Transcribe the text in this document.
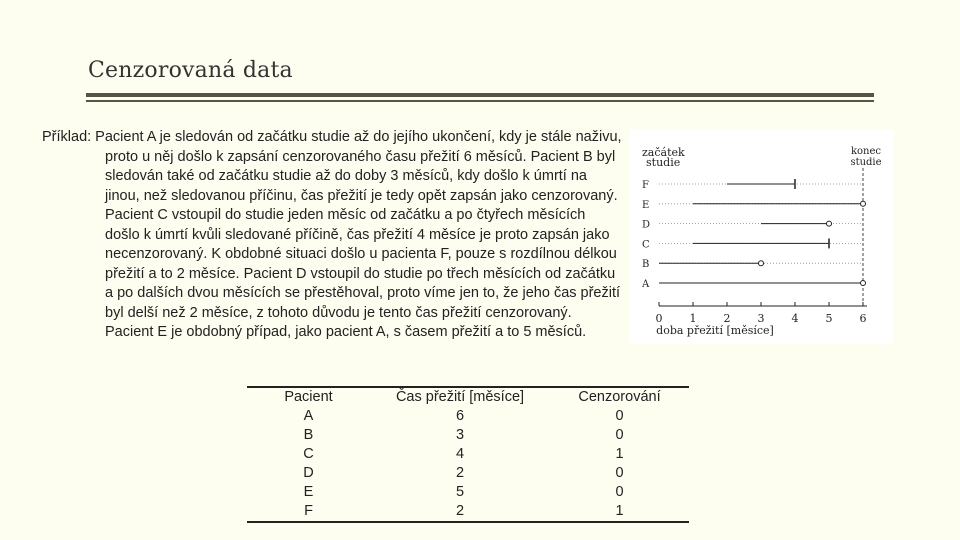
Cenzorovaná data
Příklad: Pacient A je sledován od začátku studie až do jejího ukončení, kdy je stále naživu, proto u něj došlo k zapsání cenzorovaného času přežití 6 měsíců. Pacient B byl sledován také od začátku studie až do doby 3 měsíců, kdy došlo k úmrtí na jinou, než sledovanou příčinu, čas přežití je tedy opět zapsán jako cenzorovaný. Pacient C vstoupil do studie jeden měsíc od začátku a po čtyřech měsících došlo k úmrtí kvůli sledované příčině, čas přežití 4 měsíce je proto zapsán jako necenzorovaný. K obdobné situaci došlo u pacienta F, pouze s rozdílnou délkou přežití a to 2 měsíce. Pacient D vstoupil do studie po třech měsících od začátku a po dalších dvou měsících se přestěhoval, proto víme jen to, že jeho čas přežití byl delší než 2 měsíce, z tohoto důvodu je tento čas přežití cenzorovaný. Pacient E je obdobný případ, jako pacient A, s časem přežití a to 5 měsíců.
začátek
studie
konec
studie
0 1 2 3 4 5 6
doba přežití [měsíce]
F
E
D
C
B
A
Pacient	Čas přežití [měsíce]	Cenzorování
A	6	0
B	3	0
C	4	1
D	2	0
E	5	0
F	2	1
